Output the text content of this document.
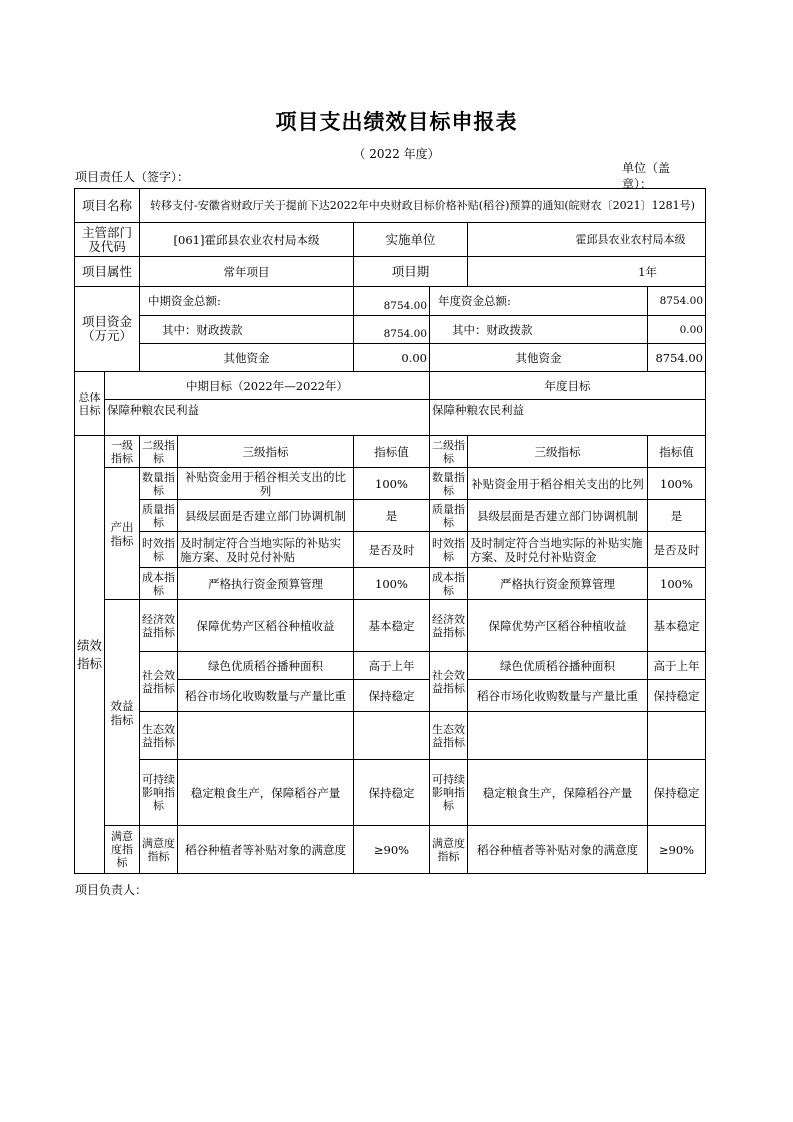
项目支出绩效目标申报表
（ 2022 年度）
项目责任人（签字）：
单位（盖章）：
项目名称		转移支付-安徽省财政厅关于提前下达2022年中央财政目标价格补贴(稻谷)预算的通知(皖财农〔2021〕1281号)					
主管部门及代码		[061]霍邱县农业农村局本级		实施单位		霍邱县农业农村局本级	
项目属性		常年项目		项目期		1年	
项目资金
（万元）		中期资金总额:		8754.00	年度资金总额:		8754.00
		其中：财政拨款		8754.00	其中：财政拨款		0.00
		其他资金		0.00	其他资金		8754.00
总体目标	中期目标（2022年—2022年）				年度目标		
	保障种粮农民利益				保障种粮农民利益		
绩效指标	一级指标	二级指标	三级指标	指标值	二级指标	三级指标	指标值
	产出指标	数量指标	补贴资金用于稻谷相关支出的比列	100%	数量指标	补贴资金用于稻谷相关支出的比列	100%
		质量指标	县级层面是否建立部门协调机制	是	质量指标	县级层面是否建立部门协调机制	是
		时效指标	及时制定符合当地实际的补贴实施方案、及时兑付补贴	是否及时	时效指标	及时制定符合当地实际的补贴实施方案、及时兑付补贴资金	是否及时
		成本指标	严格执行资金预算管理	100%	成本指标	严格执行资金预算管理	100%
	效益指标	经济效益指标	保障优势产区稻谷种植收益	基本稳定	经济效益指标	保障优势产区稻谷种植收益	基本稳定
		社会效益指标	绿色优质稻谷播种面积	高于上年	社会效益指标	绿色优质稻谷播种面积	高于上年
			稻谷市场化收购数量与产量比重	保持稳定		稻谷市场化收购数量与产量比重	保持稳定
		生态效益指标			生态效益指标		
		可持续影响指标	稳定粮食生产，保障稻谷产量	保持稳定	可持续影响指标	稳定粮食生产，保障稻谷产量	保持稳定

	满意度指标	满意度指标	稻谷种植者等补贴对象的满意度	≥90%	满意度指标	稻谷种植者等补贴对象的满意度	≥90%
项目负责人：
